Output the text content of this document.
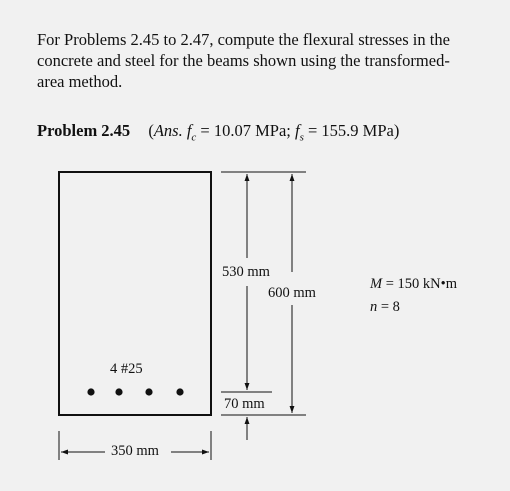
For Problems 2.45 to 2.47, compute the flexural stresses in the concrete and steel for the beams shown using the transformed-area method.
Problem 2.45 (Ans. $f_c = 10.07$ MPa; $f_s = 155.9$ MPa)
4 #25
350 mm
530 mm
600 mm
70 mm
M = 150 kN•m
n = 8
